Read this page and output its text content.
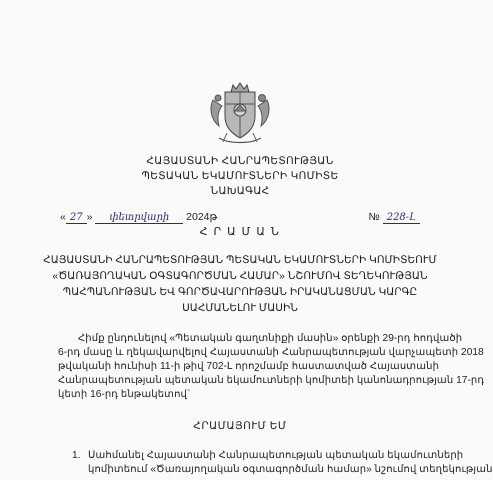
ՀԱՅԱՍՏԱՆԻ ՀԱՆՐԱՊԵՏՈՒԹՅԱՆ
ՊԵՏԱԿԱՆ ԵԿԱՄՈՒՏՆԵՐԻ ԿՈՄԻՏԵ
ՆԱԽԱԳԱՀ
« 27 » փետրվարի 2024թ	№ 228-Լ
Հ Ր Ա Մ Ա Ն
ՀԱՅԱՍՏԱՆԻ ՀԱՆՐԱՊԵՏՈՒԹՅԱՆ ՊԵՏԱԿԱՆ ԵԿԱՄՈՒՏՆԵՐԻ ԿՈՄԻՏԵՈՒՄ
«ԾԱՌԱՅՈՂԱԿԱՆ ՕԳՏԱԳՈՐԾՄԱՆ ՀԱՄԱՐ» ՆՇՈՒՄՈՎ ՏԵՂԵԿՈՒԹՅԱՆ
ՊԱՀՊԱՆՈՒԹՅԱՆ ԵՎ ԳՈՐԾԱՎԱՐՈՒԹՅԱՆ ԻՐԱԿԱՆԱՑՄԱՆ ԿԱՐԳԸ
ՍԱՀՄԱՆԵԼՈՒ ՄԱՍԻՆ
Հիմք ընդունելով «Պետական գաղտնիքի մասին» օրենքի 29-րդ հոդվածի
6-րդ մասը և ղեկավարվելով Հայաստանի Հանրապետության վարչապետի 2018
թվականի հունիսի 11-ի թիվ 702-Լ որոշմամբ հաստատված Հայաստանի
Հանրապետության պետական եկամուտների կոմիտեի կանոնադրության 17-րդ
կետի 16-րդ ենթակետով`
ՀՐԱՄԱՅՈՒՄ ԵՄ
1. Սահմանել Հայաստանի Հանրապետության պետական եկամուտների
կոմիտեում «Ծառայողական օգտագործման համար» նշումով տեղեկության
